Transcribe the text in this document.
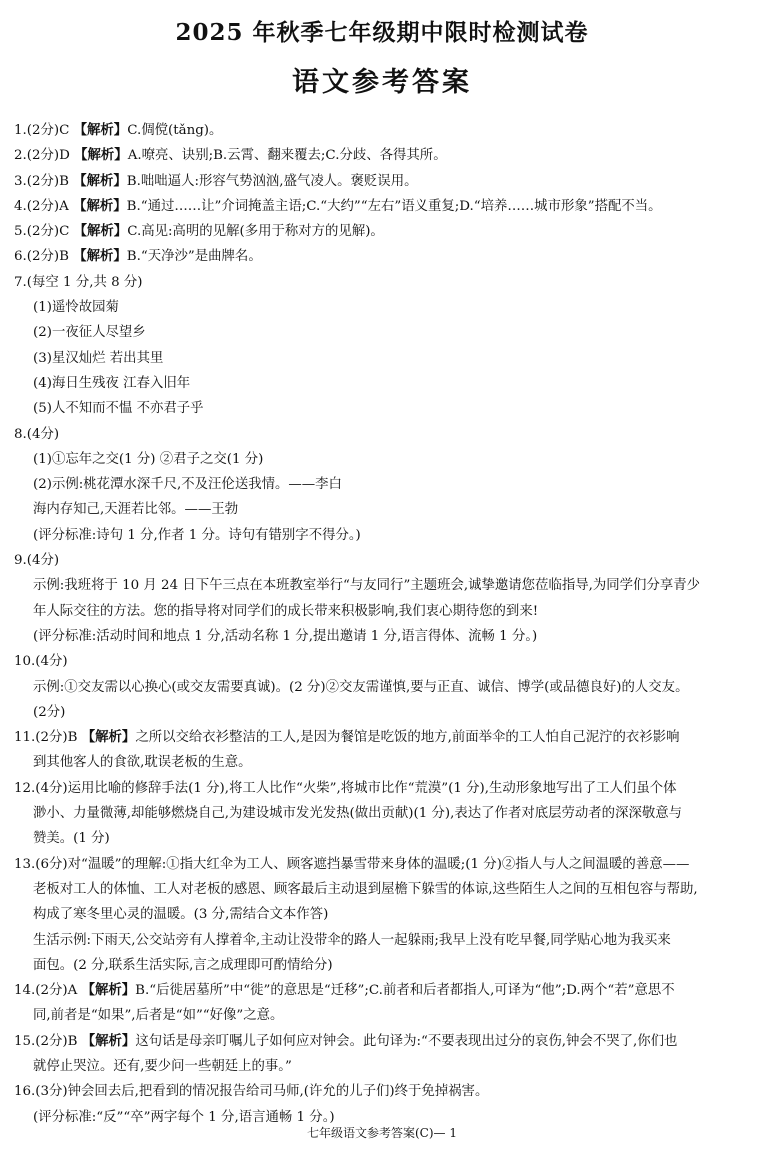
2025 年秋季七年级期中限时检测试卷
语文参考答案
1.(2分)C 【解析】C.倜傥(tǎng)。
2.(2分)D 【解析】A.嘹亮、诀别;B.云霄、翻来覆去;C.分歧、各得其所。
3.(2分)B 【解析】B.咄咄逼人:形容气势汹汹,盛气凌人。褒贬误用。
4.(2分)A 【解析】B.“通过……让”介词掩盖主语;C.“大约”“左右”语义重复;D.“培养……城市形象”搭配不当。
5.(2分)C 【解析】C.高见:高明的见解(多用于称对方的见解)。
6.(2分)B 【解析】B.“天净沙”是曲牌名。
7.(每空 1 分,共 8 分)
(1)遥怜故园菊
(2)一夜征人尽望乡
(3)星汉灿烂 若出其里
(4)海日生残夜 江春入旧年
(5)人不知而不愠 不亦君子乎
8.(4分)
(1)①忘年之交(1 分) ②君子之交(1 分)
(2)示例:桃花潭水深千尺,不及汪伦送我情。——李白
海内存知己,天涯若比邻。——王勃
(评分标准:诗句 1 分,作者 1 分。诗句有错别字不得分。)
9.(4分)
示例:我班将于 10 月 24 日下午三点在本班教室举行“与友同行”主题班会,诚挚邀请您莅临指导,为同学们分享青少
年人际交往的方法。您的指导将对同学们的成长带来积极影响,我们衷心期待您的到来!
(评分标准:活动时间和地点 1 分,活动名称 1 分,提出邀请 1 分,语言得体、流畅 1 分。)
10.(4分)
示例:①交友需以心换心(或交友需要真诚)。(2 分)②交友需谨慎,要与正直、诚信、博学(或品德良好)的人交友。
(2分)
11.(2分)B 【解析】之所以交给衣衫整洁的工人,是因为餐馆是吃饭的地方,前面举伞的工人怕自己泥泞的衣衫影响
到其他客人的食欲,耽误老板的生意。
12.(4分)运用比喻的修辞手法(1 分),将工人比作“火柴”,将城市比作“荒漠”(1 分),生动形象地写出了工人们虽个体
渺小、力量微薄,却能够燃烧自己,为建设城市发光发热(做出贡献)(1 分),表达了作者对底层劳动者的深深敬意与
赞美。(1 分)
13.(6分)对“温暖”的理解:①指大红伞为工人、顾客遮挡暴雪带来身体的温暖;(1 分)②指人与人之间温暖的善意——
老板对工人的体恤、工人对老板的感恩、顾客最后主动退到屋檐下躲雪的体谅,这些陌生人之间的互相包容与帮助,
构成了寒冬里心灵的温暖。(3 分,需结合文本作答)
生活示例:下雨天,公交站旁有人撑着伞,主动让没带伞的路人一起躲雨;我早上没有吃早餐,同学贴心地为我买来
面包。(2 分,联系生活实际,言之成理即可酌情给分)
14.(2分)A 【解析】B.“后徙居墓所”中“徙”的意思是“迁移”;C.前者和后者都指人,可译为“他”;D.两个“若”意思不
同,前者是“如果”,后者是“如”“好像”之意。
15.(2分)B 【解析】这句话是母亲叮嘱儿子如何应对钟会。此句译为:“不要表现出过分的哀伤,钟会不哭了,你们也
就停止哭泣。还有,要少问一些朝廷上的事。”
16.(3分)钟会回去后,把看到的情况报告给司马师,(许允的儿子们)终于免掉祸害。
(评分标准:“反”“卒”两字每个 1 分,语言通畅 1 分。)
七年级语文参考答案(C)— 1
